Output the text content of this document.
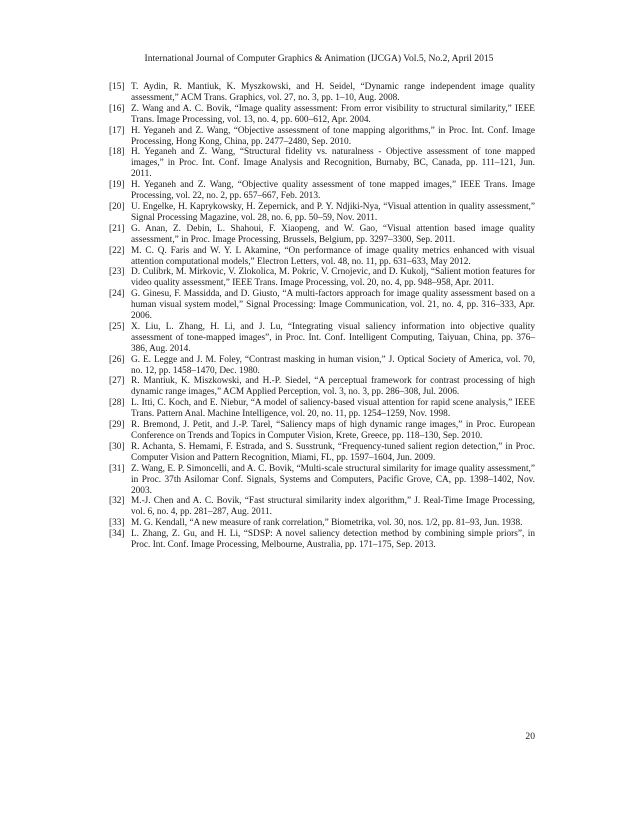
International Journal of Computer Graphics & Animation (IJCGA) Vol.5, No.2, April 2015
[15] T. Aydin, R. Mantiuk, K. Myszkowski, and H. Seidel, “Dynamic range independent image quality assessment,” ACM Trans. Graphics, vol. 27, no. 3, pp. 1–10, Aug. 2008.
[16] Z. Wang and A. C. Bovik, “Image quality assessment: From error visibility to structural similarity,” IEEE Trans. Image Processing, vol. 13, no. 4, pp. 600–612, Apr. 2004.
[17] H. Yeganeh and Z. Wang, “Objective assessment of tone mapping algorithms,” in Proc. Int. Conf. Image Processing, Hong Kong, China, pp. 2477–2480, Sep. 2010.
[18] H. Yeganeh and Z. Wang, “Structural fidelity vs. naturalness - Objective assessment of tone mapped images,” in Proc. Int. Conf. Image Analysis and Recognition, Burnaby, BC, Canada, pp. 111–121, Jun. 2011.
[19] H. Yeganeh and Z. Wang, “Objective quality assessment of tone mapped images,” IEEE Trans. Image Processing, vol. 22, no. 2, pp. 657–667, Feb. 2013.
[20] U. Engelke, H. Kaprykowsky, H. Zepernick, and P. Y. Ndjiki-Nya, “Visual attention in quality assessment,” Signal Processing Magazine, vol. 28, no. 6, pp. 50–59, Nov. 2011.
[21] G. Anan, Z. Debin, L. Shahoui, F. Xiaopeng, and W. Gao, “Visual attention based image quality assessment,” in Proc. Image Processing, Brussels, Belgium, pp. 3297–3300, Sep. 2011.
[22] M. C. Q. Faris and W. Y. L Akamine, “On performance of image quality metrics enhanced with visual attention computational models,” Electron Letters, vol. 48, no. 11, pp. 631–633, May 2012.
[23] D. Culibrk, M. Mirkovic, V. Zlokolica, M. Pokric, V. Crnojevic, and D. Kukolj, “Salient motion features for video quality assessment,” IEEE Trans. Image Processing, vol. 20, no. 4, pp. 948–958, Apr. 2011.
[24] G. Ginesu, F. Massidda, and D. Giusto, “A multi-factors approach for image quality assessment based on a human visual system model,” Signal Processing: Image Communication, vol. 21, no. 4, pp. 316–333, Apr. 2006.
[25] X. Liu, L. Zhang, H. Li, and J. Lu, “Integrating visual saliency information into objective quality assessment of tone-mapped images”, in Proc. Int. Conf. Intelligent Computing, Taiyuan, China, pp. 376–386, Aug. 2014.
[26] G. E. Legge and J. M. Foley, “Contrast masking in human vision,” J. Optical Society of America, vol. 70, no. 12, pp. 1458–1470, Dec. 1980.
[27] R. Mantiuk, K. Miszkowski, and H.-P. Siedel, “A perceptual framework for contrast processing of high dynamic range images,” ACM Applied Perception, vol. 3, no. 3, pp. 286–308, Jul. 2006.
[28] L. Itti, C. Koch, and E. Niebur, “A model of saliency-based visual attention for rapid scene analysis,” IEEE Trans. Pattern Anal. Machine Intelligence, vol. 20, no. 11, pp. 1254–1259, Nov. 1998.
[29] R. Bremond, J. Petit, and J.-P. Tarel, “Saliency maps of high dynamic range images,” in Proc. European Conference on Trends and Topics in Computer Vision, Krete, Greece, pp. 118–130, Sep. 2010.
[30] R. Achanta, S. Hemami, F. Estrada, and S. Susstrunk, “Frequency-tuned salient region detection,” in Proc. Computer Vision and Pattern Recognition, Miami, FL, pp. 1597–1604, Jun. 2009.
[31] Z. Wang, E. P. Simoncelli, and A. C. Bovik, “Multi-scale structural similarity for image quality assessment,” in Proc. 37th Asilomar Conf. Signals, Systems and Computers, Pacific Grove, CA, pp. 1398–1402, Nov. 2003.
[32] M.-J. Chen and A. C. Bovik, “Fast structural similarity index algorithm,” J. Real-Time Image Processing, vol. 6, no. 4, pp. 281–287, Aug. 2011.
[33] M. G. Kendall, “A new measure of rank correlation,” Biometrika, vol. 30, nos. 1/2, pp. 81–93, Jun. 1938.
[34] L. Zhang, Z. Gu, and H. Li, “SDSP: A novel saliency detection method by combining simple priors”, in Proc. Int. Conf. Image Processing, Melbourne, Australia, pp. 171–175, Sep. 2013.
20
